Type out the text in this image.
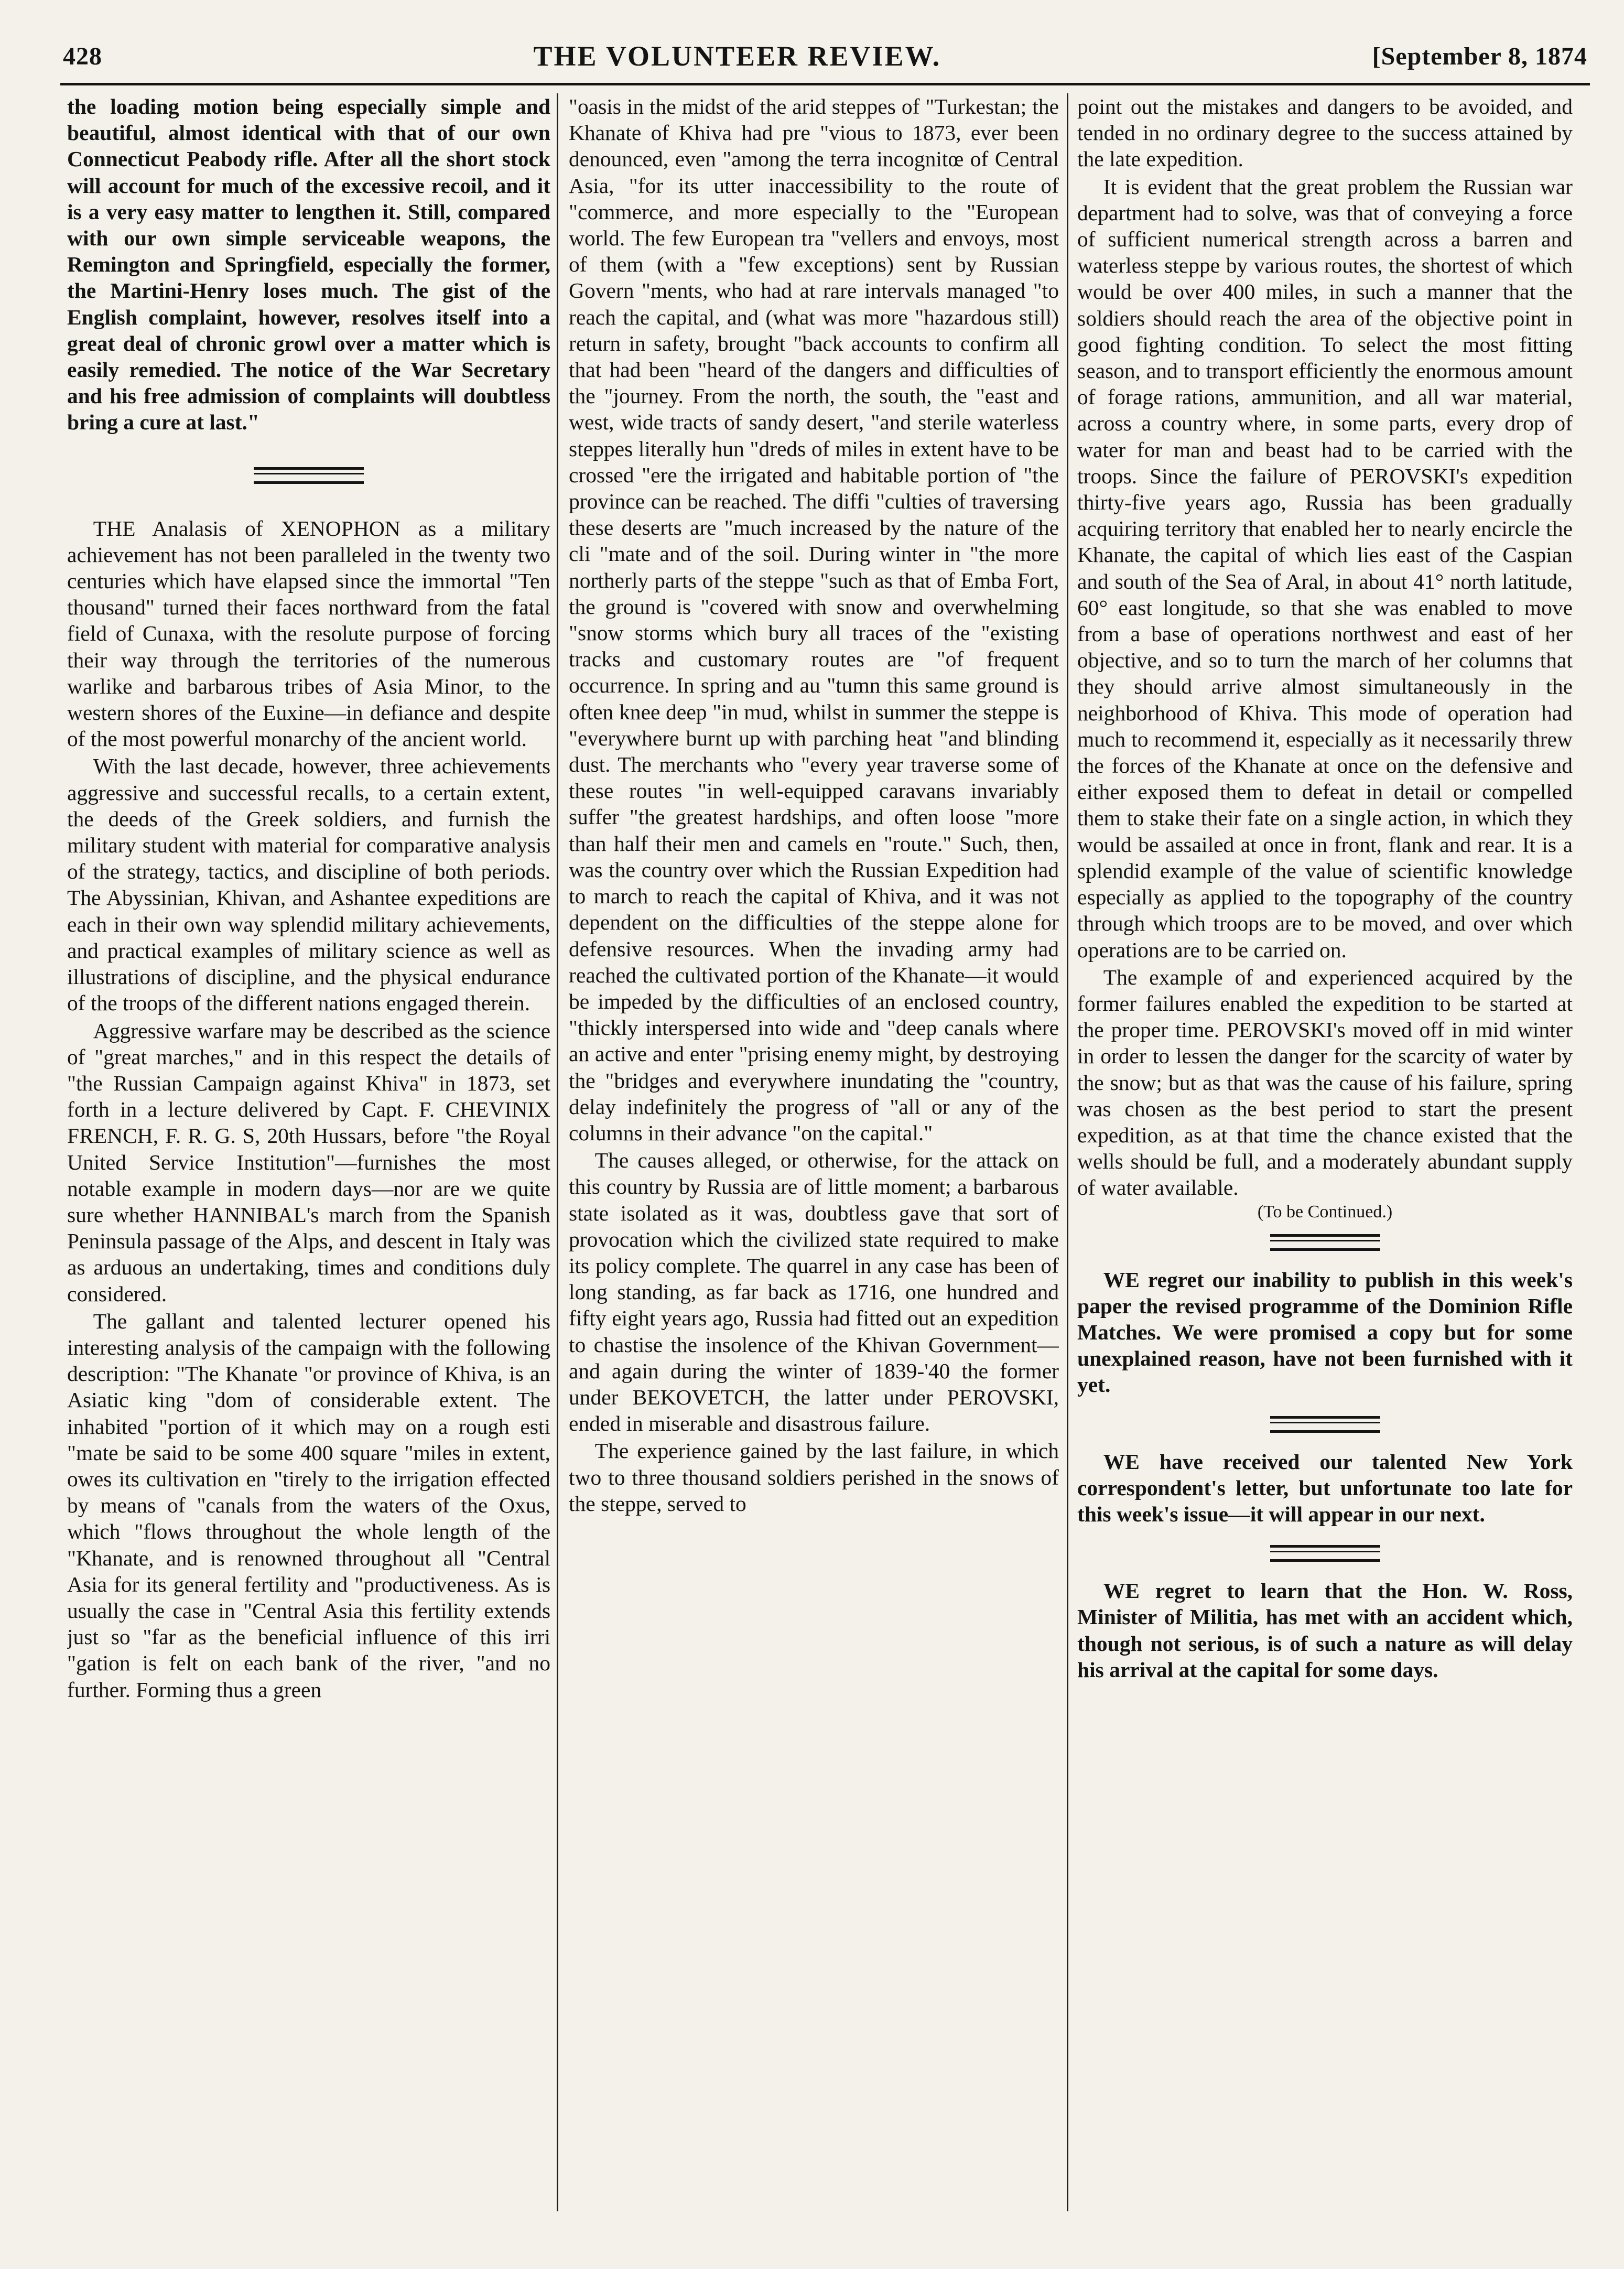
428	THE VOLUNTEER REVIEW.	[September 8, 1874

the loading motion being especially simple and beautiful, almost identical with that of our own Connecticut Peabody rifle. After all the short stock will account for much of the excessive recoil, and it is a very easy matter to lengthen it. Still, compared with our own simple serviceable weapons, the Remington and Springfield, especially the former, the Martini-Henry loses much. The gist of the English complaint, however, resolves itself into a great deal of chronic growl over a matter which is easily remedied. The notice of the War Secretary and his free admission of complaints will doubtless bring a cure at last."

THE Analasis of XENOPHON as a military achievement has not been paralleled in the twenty two centuries which have elapsed since the immortal "Ten thousand" turned their faces northward from the fatal field of Cunaxa, with the resolute purpose of forcing their way through the territories of the numerous warlike and barbarous tribes of Asia Minor, to the western shores of the Euxine—in defiance and despite of the most powerful monarchy of the ancient world.

With the last decade, however, three achievements aggressive and successful recalls, to a certain extent, the deeds of the Greek soldiers, and furnish the military student with material for comparative analysis of the strategy, tactics, and discipline of both periods. The Abyssinian, Khivan, and Ashantee expeditions are each in their own way splendid military achievements, and practical examples of military science as well as illustrations of discipline, and the physical endurance of the troops of the different nations engaged therein.

Aggressive warfare may be described as the science of "great marches," and in this respect the details of "the Russian Campaign against Khiva" in 1873, set forth in a lecture delivered by Capt. F. CHEVINIX FRENCH, F. R. G. S, 20th Hussars, before "the Royal United Service Institution"—furnishes the most notable example in modern days—nor are we quite sure whether HANNIBAL's march from the Spanish Peninsula passage of the Alps, and descent in Italy was as arduous an undertaking, times and conditions duly considered.

The gallant and talented lecturer opened his interesting analysis of the campaign with the following description: "The Khanate "or province of Khiva, is an Asiatic king "dom of considerable extent. The inhabited "portion of it which may on a rough esti "mate be said to be some 400 square "miles in extent, owes its cultivation en "tirely to the irrigation effected by means of "canals from the waters of the Oxus, which "flows throughout the whole length of the "Khanate, and is renowned throughout all "Central Asia for its general fertility and "productiveness. As is usually the case in "Central Asia this fertility extends just so "far as the beneficial influence of this irri "gation is felt on each bank of the river, "and no further. Forming thus a green

"oasis in the midst of the arid steppes of "Turkestan; the Khanate of Khiva had pre "vious to 1873, ever been denounced, even "among the terra incognitœ of Central Asia, "for its utter inaccessibility to the route of "commerce, and more especially to the "European world. The few European tra "vellers and envoys, most of them (with a "few exceptions) sent by Russian Govern "ments, who had at rare intervals managed "to reach the capital, and (what was more "hazardous still) return in safety, brought "back accounts to confirm all that had been "heard of the dangers and difficulties of the "journey. From the north, the south, the "east and west, wide tracts of sandy desert, "and sterile waterless steppes literally hun "dreds of miles in extent have to be crossed "ere the irrigated and habitable portion of "the province can be reached. The diffi "culties of traversing these deserts are "much increased by the nature of the cli "mate and of the soil. During winter in "the more northerly parts of the steppe "such as that of Emba Fort, the ground is "covered with snow and overwhelming "snow storms which bury all traces of the "existing tracks and customary routes are "of frequent occurrence. In spring and au "tumn this same ground is often knee deep "in mud, whilst in summer the steppe is "everywhere burnt up with parching heat "and blinding dust. The merchants who "every year traverse some of these routes "in well-equipped caravans invariably suffer "the greatest hardships, and often loose "more than half their men and camels en "route." Such, then, was the country over which the Russian Expedition had to march to reach the capital of Khiva, and it was not dependent on the difficulties of the steppe alone for defensive resources. When the invading army had reached the cultivated portion of the Khanate—it would be impeded by the difficulties of an enclosed country, "thickly interspersed into wide and "deep canals where an active and enter "prising enemy might, by destroying the "bridges and everywhere inundating the "country, delay indefinitely the progress of "all or any of the columns in their advance "on the capital."

The causes alleged, or otherwise, for the attack on this country by Russia are of little moment; a barbarous state isolated as it was, doubtless gave that sort of provocation which the civilized state required to make its policy complete. The quarrel in any case has been of long standing, as far back as 1716, one hundred and fifty eight years ago, Russia had fitted out an expedition to chastise the insolence of the Khivan Government—and again during the winter of 1839-'40 the former under BEKOVETCH, the latter under PEROVSKI, ended in miserable and disastrous failure.

The experience gained by the last failure, in which two to three thousand soldiers perished in the snows of the steppe, served to

point out the mistakes and dangers to be avoided, and tended in no ordinary degree to the success attained by the late expedition.

It is evident that the great problem the Russian war department had to solve, was that of conveying a force of sufficient numerical strength across a barren and waterless steppe by various routes, the shortest of which would be over 400 miles, in such a manner that the soldiers should reach the area of the objective point in good fighting condition. To select the most fitting season, and to transport efficiently the enormous amount of forage rations, ammunition, and all war material, across a country where, in some parts, every drop of water for man and beast had to be carried with the troops. Since the failure of PEROVSKI's expedition thirty-five years ago, Russia has been gradually acquiring territory that enabled her to nearly encircle the Khanate, the capital of which lies east of the Caspian and south of the Sea of Aral, in about 41° north latitude, 60° east longitude, so that she was enabled to move from a base of operations northwest and east of her objective, and so to turn the march of her columns that they should arrive almost simultaneously in the neighborhood of Khiva. This mode of operation had much to recommend it, especially as it necessarily threw the forces of the Khanate at once on the defensive and either exposed them to defeat in detail or compelled them to stake their fate on a single action, in which they would be assailed at once in front, flank and rear. It is a splendid example of the value of scientific knowledge especially as applied to the topography of the country through which troops are to be moved, and over which operations are to be carried on.

The example of and experienced acquired by the former failures enabled the expedition to be started at the proper time. PEROVSKI's moved off in mid winter in order to lessen the danger for the scarcity of water by the snow; but as that was the cause of his failure, spring was chosen as the best period to start the present expedition, as at that time the chance existed that the wells should be full, and a moderately abundant supply of water available.

(To be Continued.)

WE regret our inability to publish in this week's paper the revised programme of the Dominion Rifle Matches. We were promised a copy but for some unexplained reason, have not been furnished with it yet.

WE have received our talented New York correspondent's letter, but unfortunate too late for this week's issue—it will appear in our next.

WE regret to learn that the Hon. W. Ross, Minister of Militia, has met with an accident which, though not serious, is of such a nature as will delay his arrival at the capital for some days.
